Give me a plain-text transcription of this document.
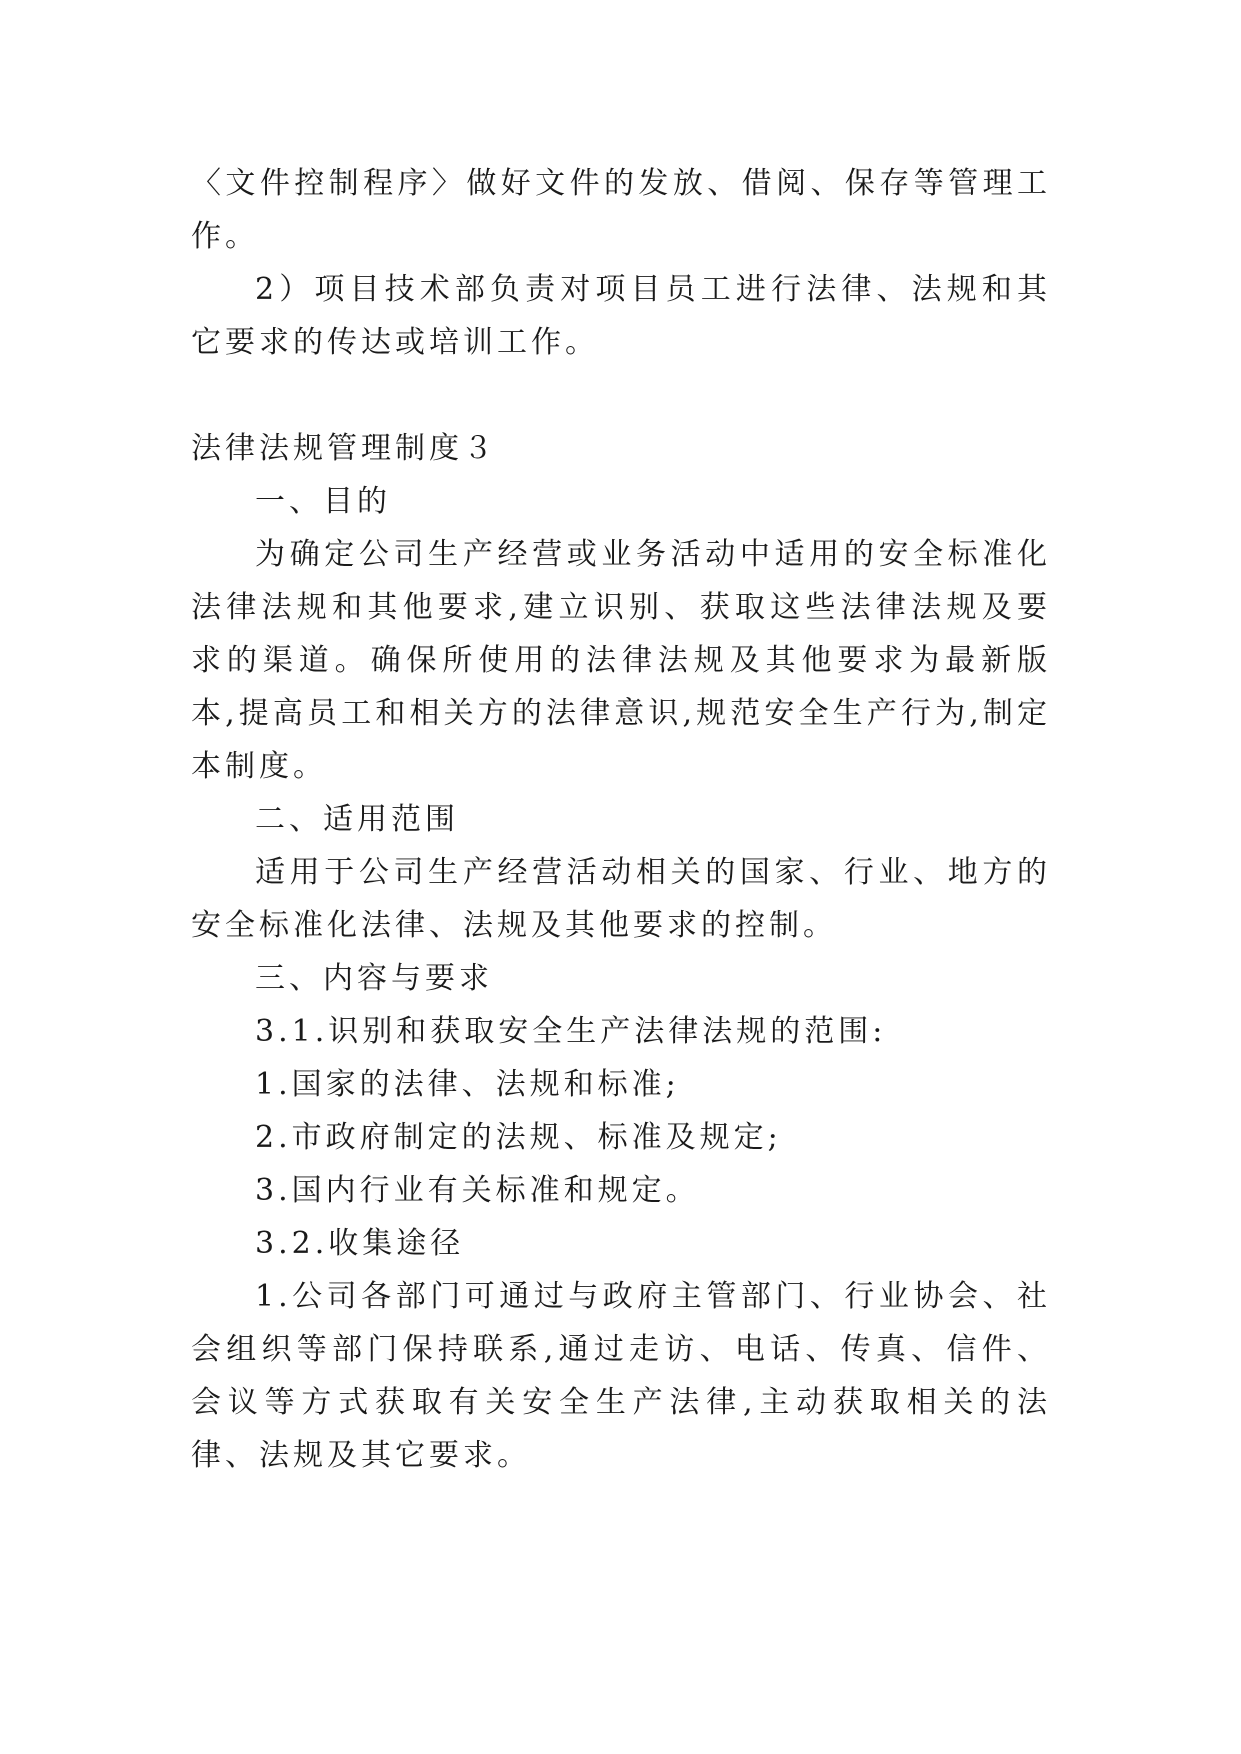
〈文件控制程序〉做好文件的发放、借阅、保存等管理工作。

2）项目技术部负责对项目员工进行法律、法规和其它要求的传达或培训工作。

法律法规管理制度３

一、目的

为确定公司生产经营或业务活动中适用的安全标准化法律法规和其他要求,建立识别、获取这些法律法规及要求的渠道。确保所使用的法律法规及其他要求为最新版本,提高员工和相关方的法律意识,规范安全生产行为,制定本制度。

二、适用范围

适用于公司生产经营活动相关的国家、行业、地方的安全标准化法律、法规及其他要求的控制。

三、内容与要求

3.1.识别和获取安全生产法律法规的范围:

1.国家的法律、法规和标准;

2.市政府制定的法规、标准及规定;

3.国内行业有关标准和规定。

3.2.收集途径

1.公司各部门可通过与政府主管部门、行业协会、社会组织等部门保持联系,通过走访、电话、传真、信件、会议等方式获取有关安全生产法律,主动获取相关的法律、法规及其它要求。
